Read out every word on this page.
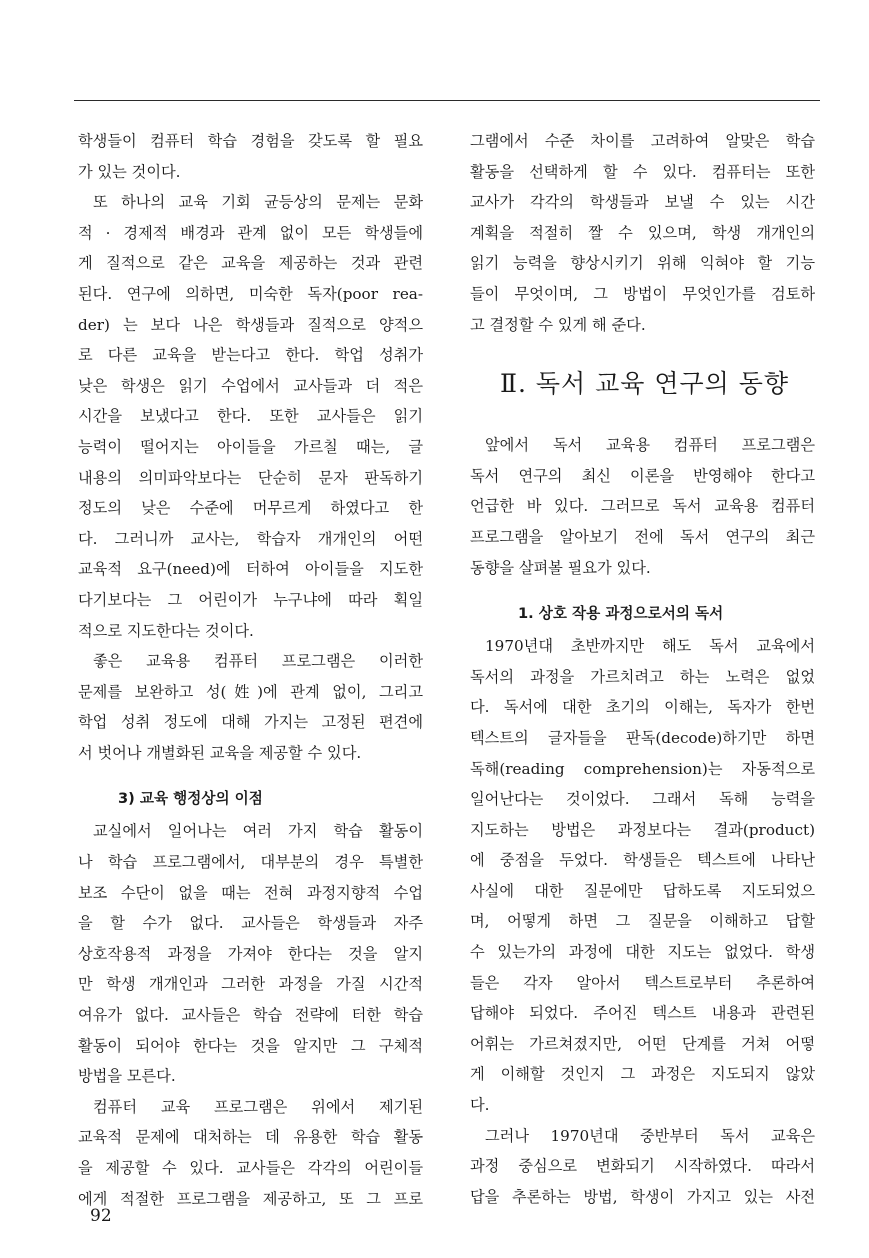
학생들이 컴퓨터 학습 경험을 갖도록 할 필요
가 있는 것이다.
또 하나의 교육 기회 균등상의 문제는 문화
적 · 경제적 배경과 관계 없이 모든 학생들에
게 질적으로 같은 교육을 제공하는 것과 관련
된다. 연구에 의하면, 미숙한 독자(poor rea-
der) 는 보다 나은 학생들과 질적으로 양적으
로 다른 교육을 받는다고 한다. 학업 성취가
낮은 학생은 읽기 수업에서 교사들과 더 적은
시간을 보냈다고 한다. 또한 교사들은 읽기
능력이 떨어지는 아이들을 가르칠 때는, 글
내용의 의미파악보다는 단순히 문자 판독하기
정도의 낮은 수준에 머무르게 하였다고 한
다. 그러니까 교사는, 학습자 개개인의 어떤
교육적 요구(need)에 터하여 아이들을 지도한
다기보다는 그 어린이가 누구냐에 따라 획일
적으로 지도한다는 것이다.
좋은 교육용 컴퓨터 프로그램은 이러한
문제를 보완하고 성(姓)에 관계 없이, 그리고
학업 성취 정도에 대해 가지는 고정된 편견에
서 벗어나 개별화된 교육을 제공할 수 있다.
3) 교육 행정상의 이점
교실에서 일어나는 여러 가지 학습 활동이
나 학습 프로그램에서, 대부분의 경우 특별한
보조 수단이 없을 때는 전혀 과정지향적 수업
을 할 수가 없다. 교사들은 학생들과 자주
상호작용적 과정을 가져야 한다는 것을 알지
만 학생 개개인과 그러한 과정을 가질 시간적
여유가 없다. 교사들은 학습 전략에 터한 학습
활동이 되어야 한다는 것을 알지만 그 구체적
방법을 모른다.
컴퓨터 교육 프로그램은 위에서 제기된
교육적 문제에 대처하는 데 유용한 학습 활동
을 제공할 수 있다. 교사들은 각각의 어린이들
에게 적절한 프로그램을 제공하고, 또 그 프로
그램에서 수준 차이를 고려하여 알맞은 학습
활동을 선택하게 할 수 있다. 컴퓨터는 또한
교사가 각각의 학생들과 보낼 수 있는 시간
계획을 적절히 짤 수 있으며, 학생 개개인의
읽기 능력을 향상시키기 위해 익혀야 할 기능
들이 무엇이며, 그 방법이 무엇인가를 검토하
고 결정할 수 있게 해 준다.
Ⅱ. 독서 교육 연구의 동향
앞에서 독서 교육용 컴퓨터 프로그램은
독서 연구의 최신 이론을 반영해야 한다고
언급한 바 있다. 그러므로 독서 교육용 컴퓨터
프로그램을 알아보기 전에 독서 연구의 최근
동향을 살펴볼 필요가 있다.
1. 상호 작용 과정으로서의 독서
1970년대 초반까지만 해도 독서 교육에서
독서의 과정을 가르치려고 하는 노력은 없었
다. 독서에 대한 초기의 이해는, 독자가 한번
텍스트의 글자들을 판독(decode)하기만 하면
독해(reading comprehension)는 자동적으로
일어난다는 것이었다. 그래서 독해 능력을
지도하는 방법은 과정보다는 결과(product)
에 중점을 두었다. 학생들은 텍스트에 나타난
사실에 대한 질문에만 답하도록 지도되었으
며, 어떻게 하면 그 질문을 이해하고 답할
수 있는가의 과정에 대한 지도는 없었다. 학생
들은 각자 알아서 텍스트로부터 추론하여
답해야 되었다. 주어진 텍스트 내용과 관련된
어휘는 가르쳐졌지만, 어떤 단계를 거쳐 어떻
게 이해할 것인지 그 과정은 지도되지 않았
다.
그러나 1970년대 중반부터 독서 교육은
과정 중심으로 변화되기 시작하였다. 따라서
답을 추론하는 방법, 학생이 가지고 있는 사전
92
